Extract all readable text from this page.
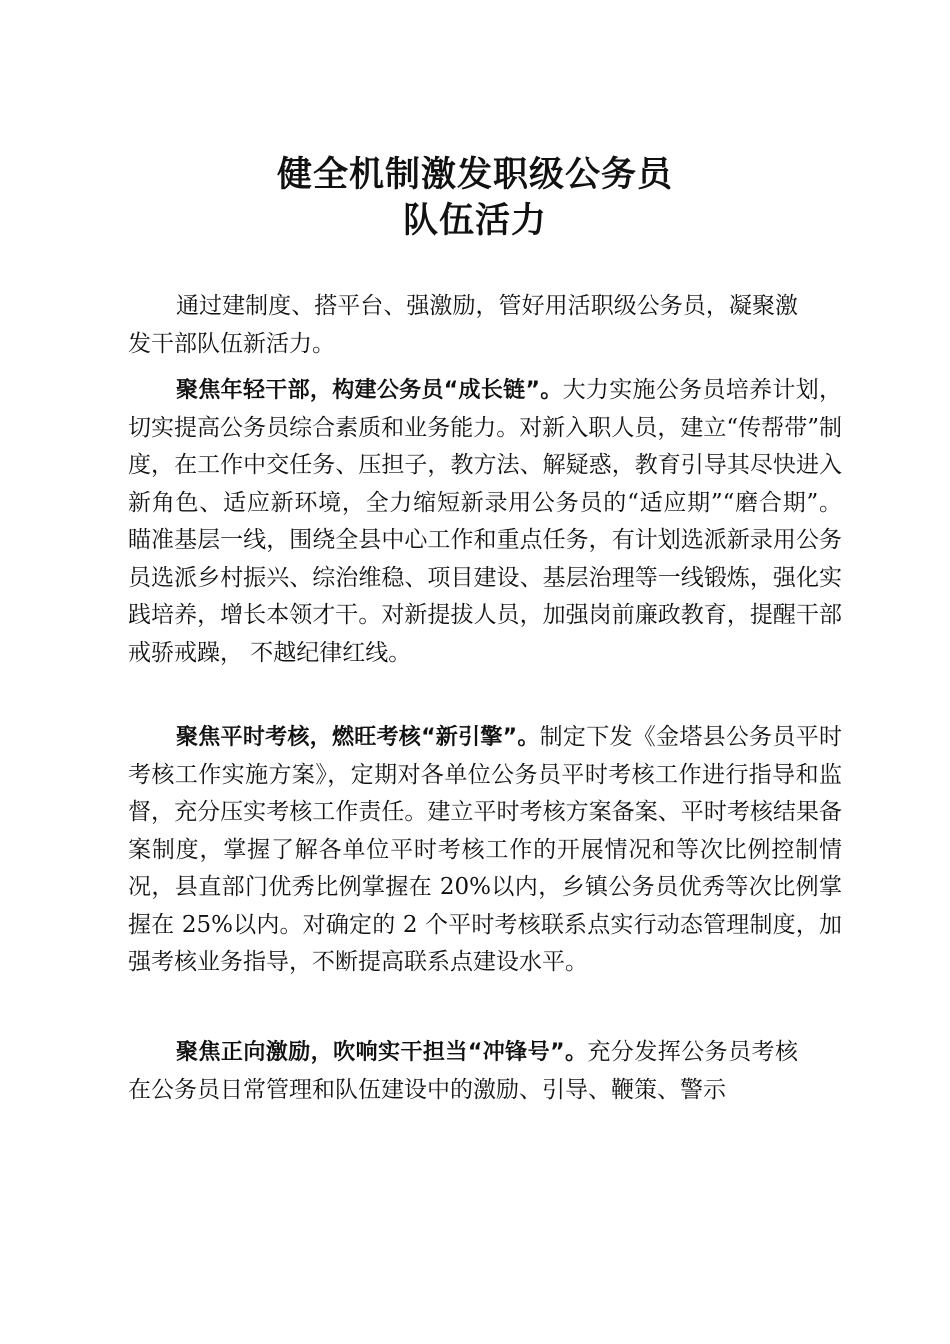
健全机制激发职级公务员
队伍活力

通过建制度、搭平台、强激励，管好用活职级公务员，凝聚激发干部队伍新活力。

聚焦年轻干部，构建公务员“成长链”。大力实施公务员培养计划，切实提高公务员综合素质和业务能力。对新入职人员，建立“传帮带”制度，在工作中交任务、压担子，教方法、解疑惑，教育引导其尽快进入新角色、适应新环境，全力缩短新录用公务员的“适应期”“磨合期”。瞄准基层一线，围绕全县中心工作和重点任务，有计划选派新录用公务员选派乡村振兴、综治维稳、项目建设、基层治理等一线锻炼，强化实践培养，增长本领才干。对新提拔人员，加强岗前廉政教育，提醒干部戒骄戒躁， 不越纪律红线。

聚焦平时考核，燃旺考核“新引擎”。制定下发《金塔县公务员平时考核工作实施方案》，定期对各单位公务员平时考核工作进行指导和监督，充分压实考核工作责任。建立平时考核方案备案、平时考核结果备案制度，掌握了解各单位平时考核工作的开展情况和等次比例控制情况，县直部门优秀比例掌握在 20%以内，乡镇公务员优秀等次比例掌握在 25%以内。对确定的 2 个平时考核联系点实行动态管理制度，加强考核业务指导，不断提高联系点建设水平。

聚焦正向激励，吹响实干担当“冲锋号”。充分发挥公务员考核在公务员日常管理和队伍建设中的激励、引导、鞭策、警示
